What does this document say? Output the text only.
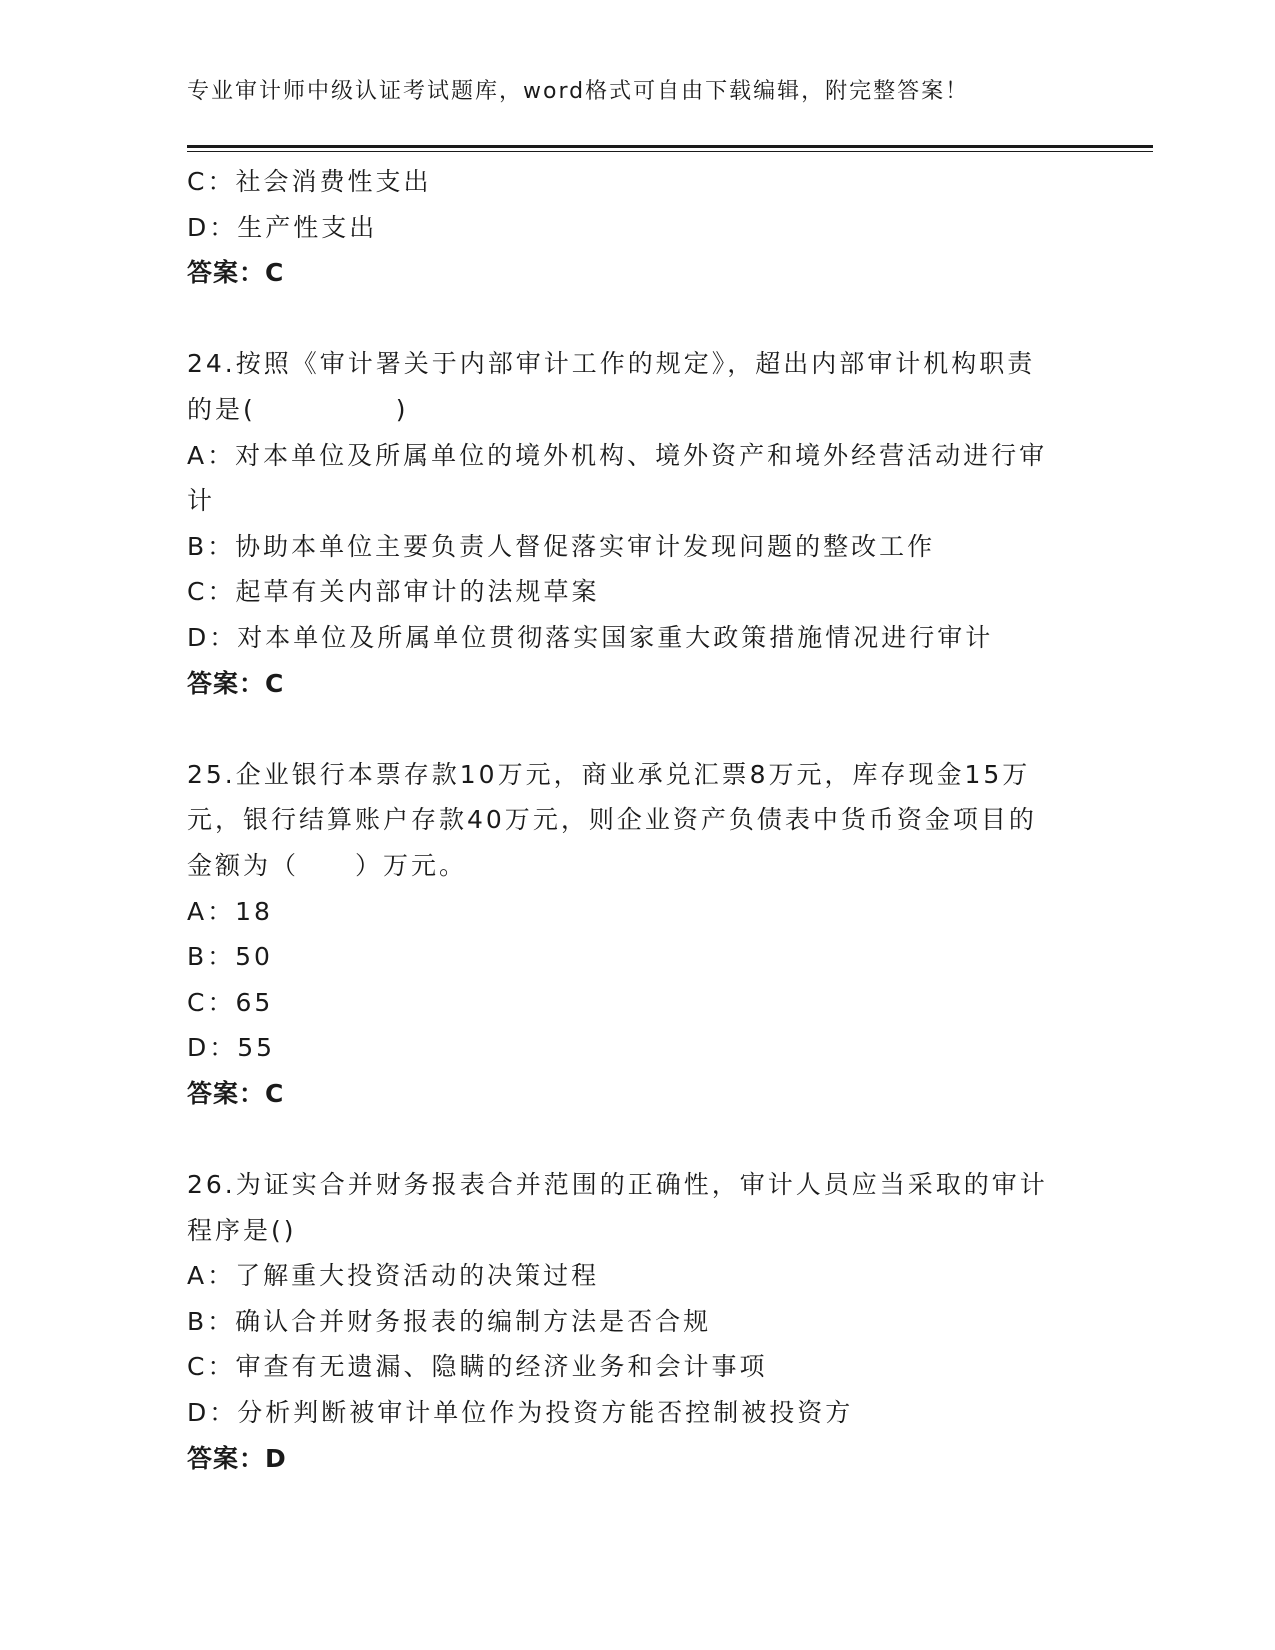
专业审计师中级认证考试题库，word格式可自由下载编辑，附完整答案！
C：社会消费性支出
D：生产性支出
答案：C
24.按照《审计署关于内部审计工作的规定》，超出内部审计机构职责
的是(　　　　　)
A：对本单位及所属单位的境外机构、境外资产和境外经营活动进行审
计
B：协助本单位主要负责人督促落实审计发现问题的整改工作
C：起草有关内部审计的法规草案
D：对本单位及所属单位贯彻落实国家重大政策措施情况进行审计
答案：C
25.企业银行本票存款10万元，商业承兑汇票8万元，库存现金15万
元，银行结算账户存款40万元，则企业资产负债表中货币资金项目的
金额为（　　）万元。
A：18
B：50
C：65
D：55
答案：C
26.为证实合并财务报表合并范围的正确性，审计人员应当采取的审计
程序是()
A：了解重大投资活动的决策过程
B：确认合并财务报表的编制方法是否合规
C：审查有无遗漏、隐瞒的经济业务和会计事项
D：分析判断被审计单位作为投资方能否控制被投资方
答案：D
